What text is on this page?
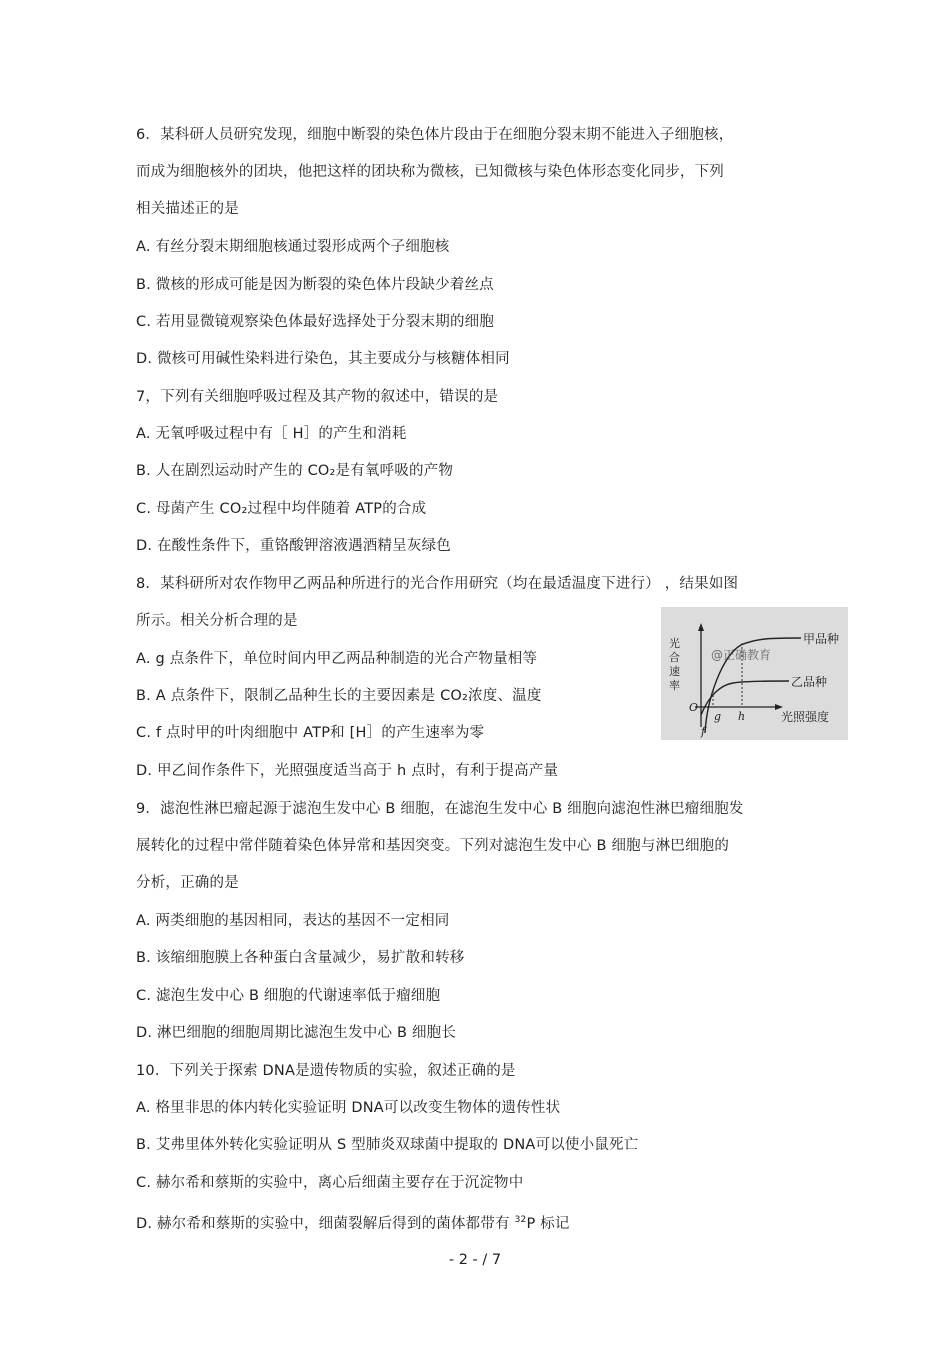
6．某科研人员研究发现，细胞中断裂的染色体片段由于在细胞分裂末期不能进入子细胞核，
而成为细胞核外的团块，他把这样的团块称为微核，已知微核与染色体形态变化同步，下列
相关描述正的是
A. 有丝分裂末期细胞核通过裂形成两个子细胞核
B. 微核的形成可能是因为断裂的染色体片段缺少着丝点
C. 若用显微镜观察染色体最好选择处于分裂末期的细胞
D. 微核可用碱性染料进行染色，其主要成分与核糖体相同
7，下列有关细胞呼吸过程及其产物的叙述中，错误的是
A. 无氧呼吸过程中有［ H］的产生和消耗
B. 人在剧烈运动时产生的 CO₂是有氧呼吸的产物
C. 母菌产生 CO₂过程中均伴随着 ATP的合成
D. 在酸性条件下，重铬酸钾溶液遇酒精呈灰绿色
8．某科研所对农作物甲乙两品种所进行的光合作用研究（均在最适温度下进行） ，结果如图
所示。相关分析合理的是
A. g 点条件下，单位时间内甲乙两品种制造的光合产物量相等
B. A 点条件下，限制乙品种生长的主要因素是 CO₂浓度、温度
C. f 点时甲的叶肉细胞中 ATP和 [H］的产生速率为零
D. 甲乙间作条件下，光照强度适当高于 h 点时，有利于提高产量
光
合
速
率
甲品种
乙品种
光照强度
O
g h
f
@正确教育
9．滤泡性淋巴瘤起源于滤泡生发中心 B 细胞，在滤泡生发中心 B 细胞向滤泡性淋巴瘤细胞发
展转化的过程中常伴随着染色体异常和基因突变。下列对滤泡生发中心 B 细胞与淋巴细胞的
分析，正确的是
A. 两类细胞的基因相同，表达的基因不一定相同
B. 该缩细胞膜上各种蛋白含量减少，易扩散和转移
C. 滤泡生发中心 B 细胞的代谢速率低于瘤细胞
D. 淋巴细胞的细胞周期比滤泡生发中心 B 细胞长
10．下列关于探索 DNA是遗传物质的实验，叙述正确的是
A. 格里非思的体内转化实验证明 DNA可以改变生物体的遗传性状
B. 艾弗里体外转化实验证明从 S 型肺炎双球菌中提取的 DNA可以使小鼠死亡
C. 赫尔希和蔡斯的实验中，离心后细菌主要存在于沉淀物中
D. 赫尔希和蔡斯的实验中，细菌裂解后得到的菌体都带有 $^{32}$P 标记
- 2 - / 7
